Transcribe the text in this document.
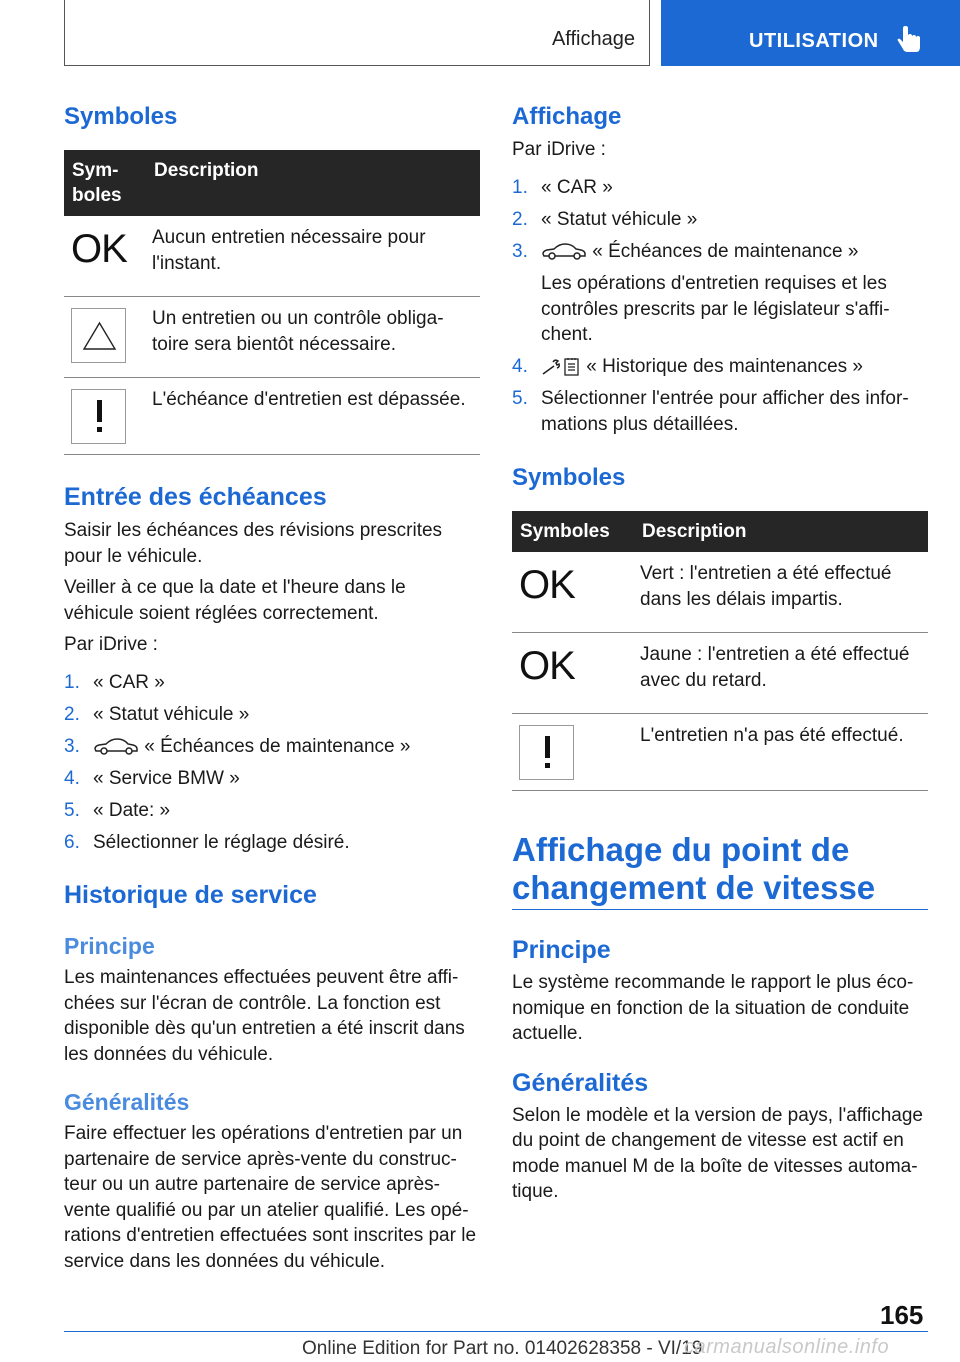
Affichage	UTILISATION
Symboles
Sym-
boles	Description
OK	Aucun entretien nécessaire pour l'instant.

	Un entretien ou un contrôle obliga-toire sera bientôt nécessaire.

	L'échéance d'entretien est dépassée.
Entrée des échéances

Saisir les échéances des révisions prescrites pour le véhicule.

Veiller à ce que la date et l'heure dans le véhicule soient réglées correctement.

Par iDrive :

1. « CAR »
2. « Statut véhicule »
3.	« Échéances de maintenance »
4. « Service BMW »
5. « Date: »
6. Sélectionner le réglage désiré.
Historique de service
Principe

Les maintenances effectuées peuvent être affi-chées sur l'écran de contrôle. La fonction est disponible dès qu'un entretien a été inscrit dans les données du véhicule.

Généralités

Faire effectuer les opérations d'entretien par un partenaire de service après-vente du construc-teur ou un autre partenaire de service après-vente qualifié ou par un atelier qualifié. Les opé-rations d'entretien effectuées sont inscrites par le service dans les données du véhicule.

Affichage

Par iDrive :

1. « CAR »
2. « Statut véhicule »
3.	« Échéances de maintenance »
Les opérations d'entretien requises et les contrôles prescrits par le législateur s'affi-chent.
4.	« Historique des maintenances »
5. Sélectionner l'entrée pour afficher des infor-mations plus détaillées.
Symboles
Symboles	Description
OK	Vert : l'entretien a été effectué dans les délais impartis.
OK	Jaune : l'entretien a été effectué avec du retard.

	L'entretien n'a pas été effectué.
Affichage du point de changement de vitesse
Principe

Le système recommande le rapport le plus éco-nomique en fonction de la situation de conduite actuelle.

Généralités

Selon le modèle et la version de pays, l'affichage du point de changement de vitesse est actif en mode manuel M de la boîte de vitesses automa-tique.

165
Online Edition for Part no. 01402628358 - VI/19
carmanualsonline.info
